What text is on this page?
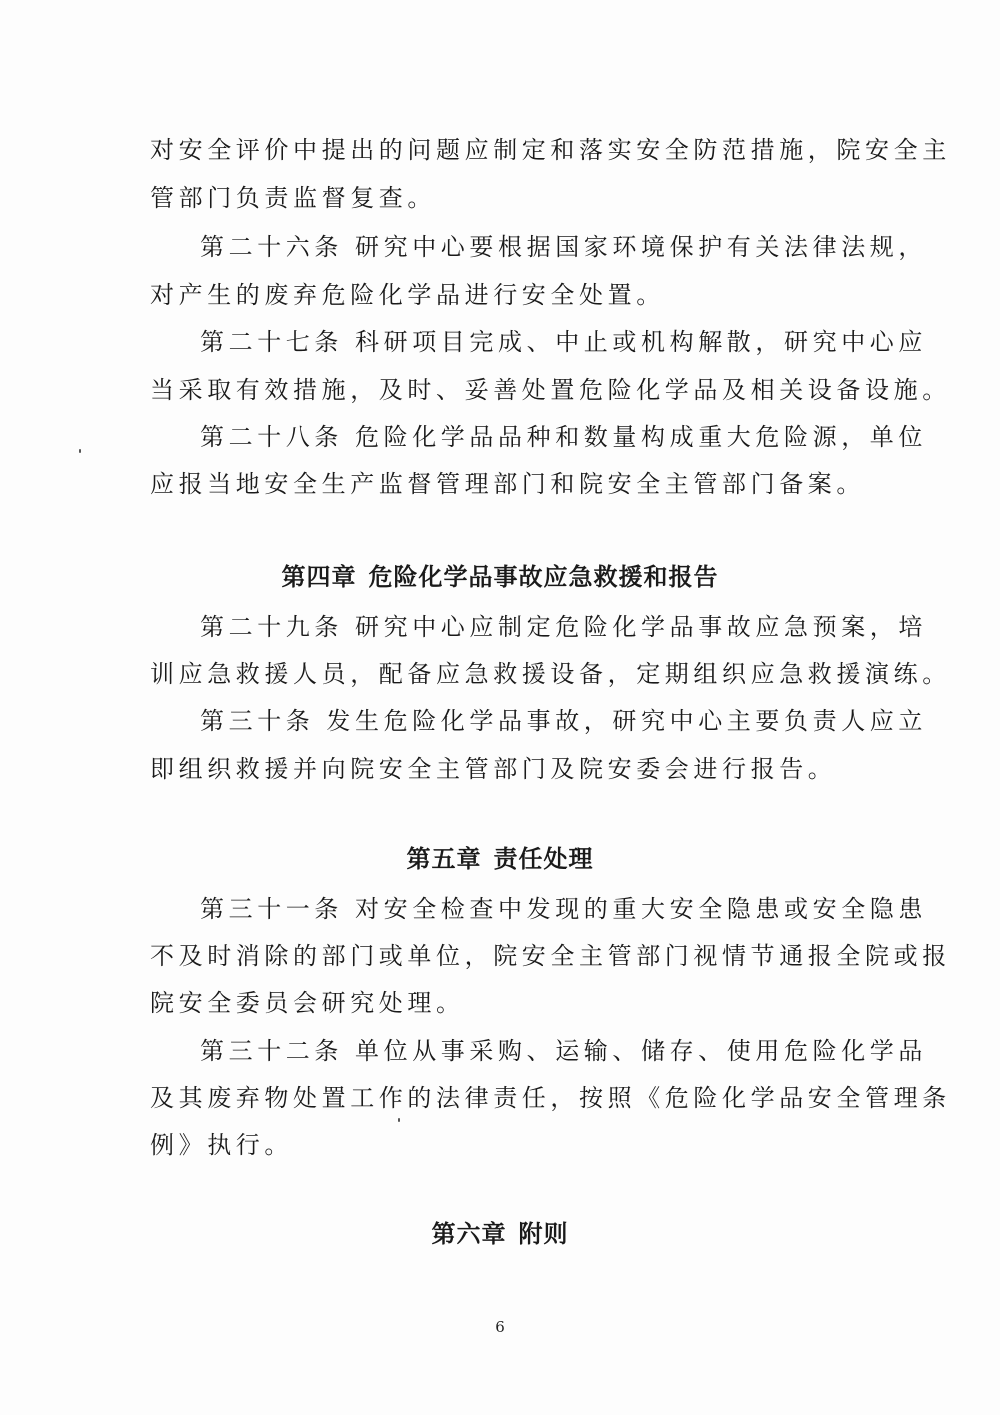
对安全评价中提出的问题应制定和落实安全防范措施，院安全主
管部门负责监督复查。
第二十六条 研究中心要根据国家环境保护有关法律法规，
对产生的废弃危险化学品进行安全处置。
第二十七条 科研项目完成、中止或机构解散，研究中心应
当采取有效措施，及时、妥善处置危险化学品及相关设备设施。
第二十八条 危险化学品品种和数量构成重大危险源，单位
应报当地安全生产监督管理部门和院安全主管部门备案。
第四章 危险化学品事故应急救援和报告
第二十九条 研究中心应制定危险化学品事故应急预案，培
训应急救援人员，配备应急救援设备，定期组织应急救援演练。
第三十条 发生危险化学品事故，研究中心主要负责人应立
即组织救援并向院安全主管部门及院安委会进行报告。
第五章 责任处理
第三十一条 对安全检查中发现的重大安全隐患或安全隐患
不及时消除的部门或单位，院安全主管部门视情节通报全院或报
院安全委员会研究处理。
第三十二条 单位从事采购、运输、储存、使用危险化学品
及其废弃物处置工作的法律责任，按照《危险化学品安全管理条
例》执行。
第六章 附则
6
